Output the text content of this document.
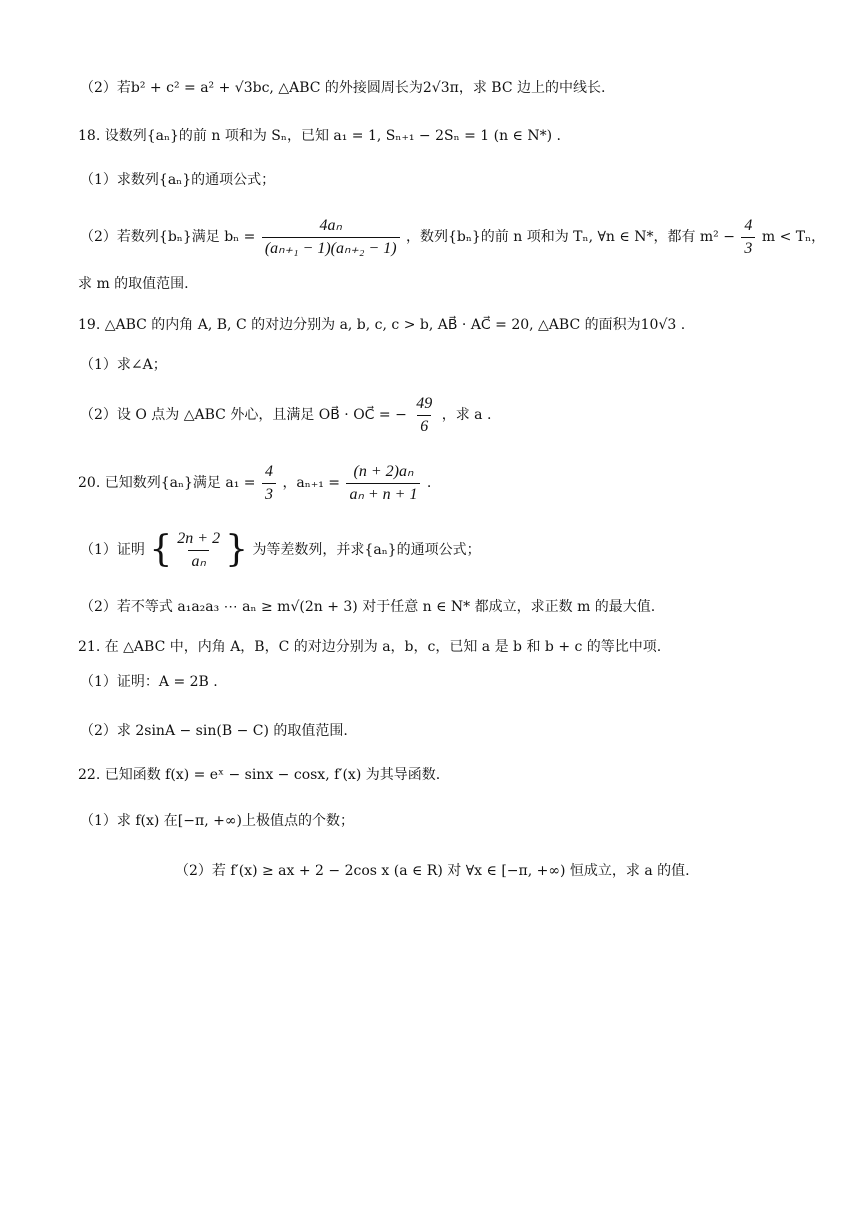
（2）若b² + c² = a² + √3bc, △ABC 的外接圆周长为2√3π，求 BC 边上的中线长.
18. 设数列{aₙ}的前 n 项和为 Sₙ，已知 a₁ = 1, Sₙ₊₁ − 2Sₙ = 1 (n ∈ N*) .
（1）求数列{aₙ}的通项公式；
（2）若数列{bₙ}满足 $b_n = \frac{\text{4aₙ}}{\text{(aₙ₊₁ − 1)(aₙ₊₂ − 1)}}$ ，数列{bₙ}的前 n 项和为 Tₙ, ∀n ∈ N*，都有 $m^2 - \frac{4}{3}$ m < Tₙ，
求 m 的取值范围.
19. △ABC 的内角 A, B, C 的对边分别为 a, b, c, c > b, AB⃗ · AC⃗ = 20, △ABC 的面积为10√3 .
（1）求∠A；
（2）设 O 点为 △ABC 外心，且满足 OB⃗ · OC⃗ = − $\frac{49}{6}$ ，求 a .
20. 已知数列{aₙ}满足 $a_1 = \frac{4}{3}$ ，$a_{n+1} = \frac{\text{(n + 2)aₙ}}{\text{aₙ + n + 1}}$ .
（1）证明 { $\frac{2n + 2}{\text{aₙ}}$ } 为等差数列，并求{aₙ}的通项公式；
（2）若不等式 a₁a₂a₃ ⋯ aₙ ≥ m√(2n + 3) 对于任意 n ∈ N* 都成立，求正数 m 的最大值.
21. 在 △ABC 中，内角 A，B，C 的对边分别为 a，b，c，已知 a 是 b 和 b + c 的等比中项.
（1）证明：A = 2B .
（2）求 2sinA − sin(B − C) 的取值范围.
22. 已知函数 f(x) = eˣ − sinx − cosx, f′(x) 为其导函数.
（1）求 f(x) 在[−π, +∞)上极值点的个数；
（2）若 f′(x) ≥ ax + 2 − 2cos x (a ∈ R) 对 ∀x ∈ [−π, +∞) 恒成立，求 a 的值.
